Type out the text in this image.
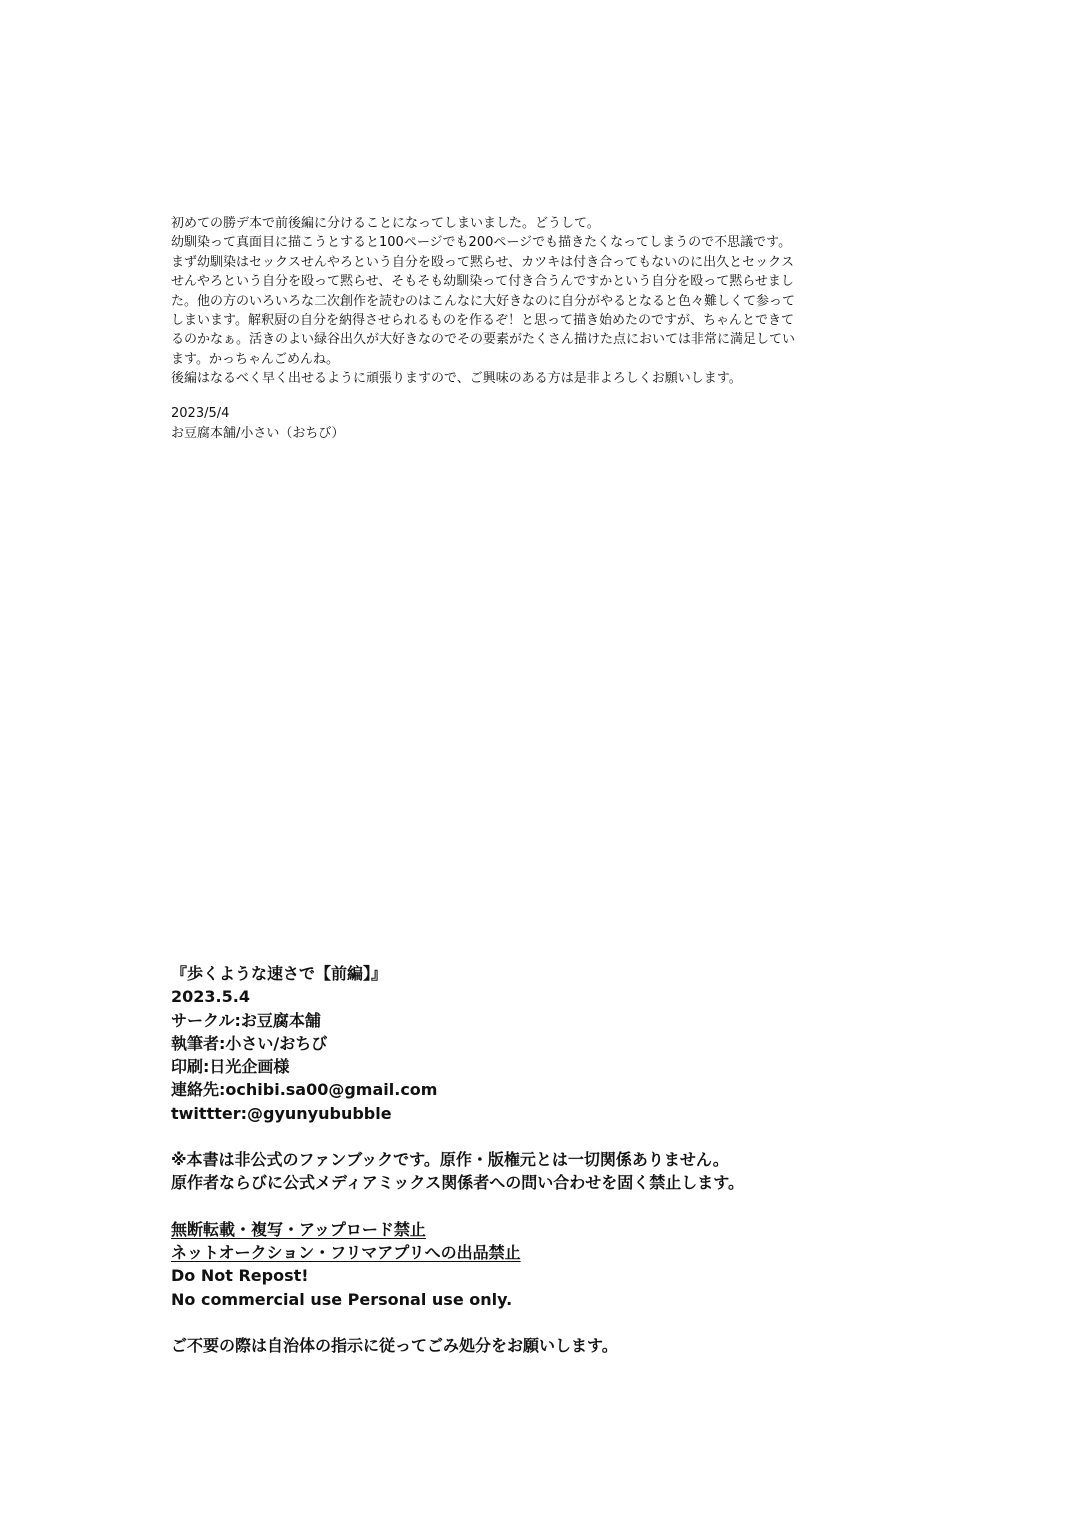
初めての勝デ本で前後編に分けることになってしまいました。どうして。
幼馴染って真面目に描こうとすると100ページでも200ページでも描きたくなってしまうので不思議です。
まず幼馴染はセックスせんやろという自分を殴って黙らせ、カツキは付き合ってもないのに出久とセックス
せんやろという自分を殴って黙らせ、そもそも幼馴染って付き合うんですかという自分を殴って黙らせまし
た。他の方のいろいろな二次創作を読むのはこんなに大好きなのに自分がやるとなると色々難しくて参って
しまいます。解釈厨の自分を納得させられるものを作るぞ！と思って描き始めたのですが、ちゃんとできて
るのかなぁ。活きのよい緑谷出久が大好きなのでその要素がたくさん描けた点においては非常に満足してい
ます。かっちゃんごめんね。
後編はなるべく早く出せるように頑張りますので、ご興味のある方は是非よろしくお願いします。
2023/5/4
お豆腐本舗/小さい（おちび）
『歩くような速さで【前編】』
2023.5.4
サークル:お豆腐本舗
執筆者:小さい/おちび
印刷:日光企画様
連絡先:ochibi.sa00@gmail.com
twittter:@gyunyububble
※本書は非公式のファンブックです。原作・版権元とは一切関係ありません。
原作者ならびに公式メディアミックス関係者への問い合わせを固く禁止します。
無断転載・複写・アップロード禁止
ネットオークション・フリマアプリへの出品禁止
Do Not Repost!
No commercial use Personal use only.
ご不要の際は自治体の指示に従ってごみ処分をお願いします。
